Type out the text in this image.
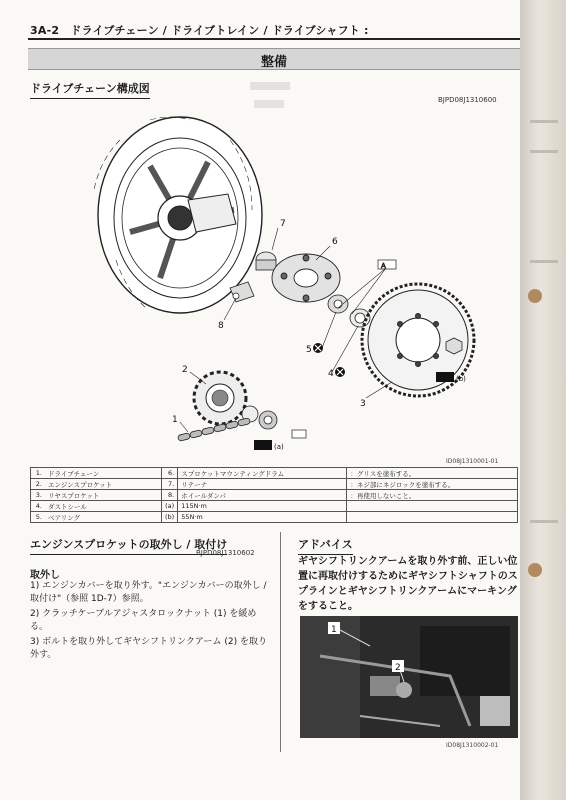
3A-2　ドライブチェーン / ドライブトレイン / ドライブシャフト :
整備
ドライブチェーン構成図
BJPD08J1310600
A
7
6
8
5
4
3
2
1
(b)
(a)
ID08J1310001-01
1.	ドライブチェーン	6.	スプロケットマウンティングドラム	：グリスを塗布する。
2.	エンジンスプロケット	7.	リテーナ	：ネジ部にネジロックを塗布する。
3.	リヤスプロケット	8.	ホイールダンパ	：再使用しないこと。
4.	ダストシール	(a)	115N·m	
5.	ベアリング	(b)	55N·m	
エンジンスプロケットの取外し / 取付け
BJPD08J1310602
取外し
1) エンジンカバーを取り外す。"エンジンカバーの取外し / 取付け"（参照 1D-7）参照。
2) クラッチケーブルアジャスタロックナット (1) を緩める。
3) ボルトを取り外してギヤシフトリンクアーム (2) を取り外す。
アドバイス
ギヤシフトリンクアームを取り外す前、正しい位置に再取付けするためにギヤシフトシャフトのスプラインとギヤシフトリンクアームにマーキングをすること。
1
2
ID08J1310002-01
